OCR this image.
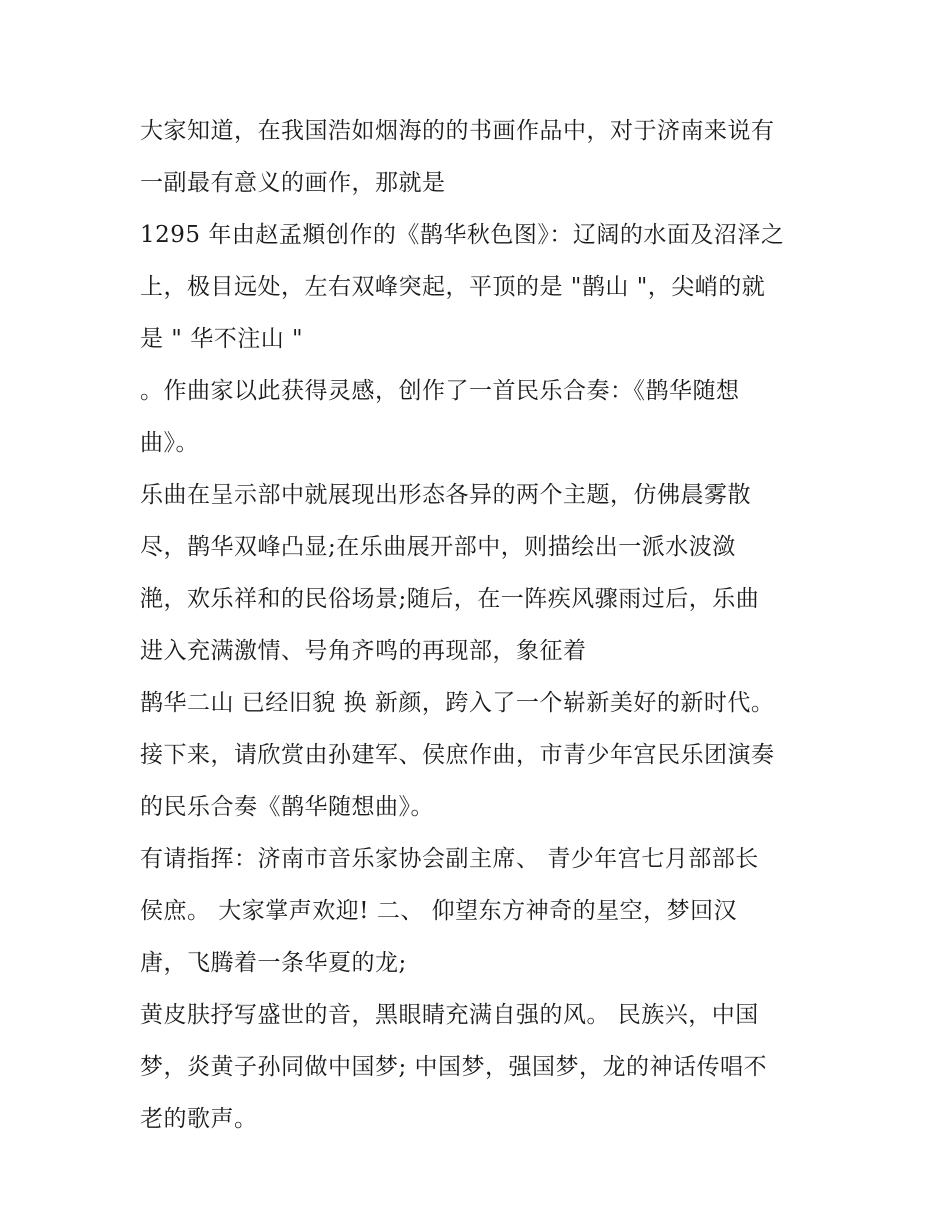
大家知道，在我国浩如烟海的的书画作品中，对于济南来说有
一副最有意义的画作，那就是
1295 年由赵孟頫创作的《鹊华秋色图》：辽阔的水面及沼泽之
上，极目远处，左右双峰突起，平顶的是 "鹊山 "，尖峭的就
是 " 华不注山 "
。作曲家以此获得灵感，创作了一首民乐合奏：《鹊华随想
曲》。
乐曲在呈示部中就展现出形态各异的两个主题，仿佛晨雾散
尽，鹊华双峰凸显;在乐曲展开部中，则描绘出一派水波潋
滟，欢乐祥和的民俗场景;随后，在一阵疾风骤雨过后，乐曲
进入充满激情、号角齐鸣的再现部，象征着
鹊华二山 已经旧貌 换 新颜，跨入了一个崭新美好的新时代。
接下来，请欣赏由孙建军、侯庶作曲，市青少年宫民乐团演奏
的民乐合奏《鹊华随想曲》。
有请指挥：济南市音乐家协会副主席、 青少年宫七月部部长
侯庶。 大家掌声欢迎! 二、 仰望东方神奇的星空，梦回汉
唐，飞腾着一条华夏的龙;
黄皮肤抒写盛世的音，黑眼睛充满自强的风。 民族兴，中国
梦，炎黄子孙同做中国梦; 中国梦，强国梦，龙的神话传唱不
老的歌声。
